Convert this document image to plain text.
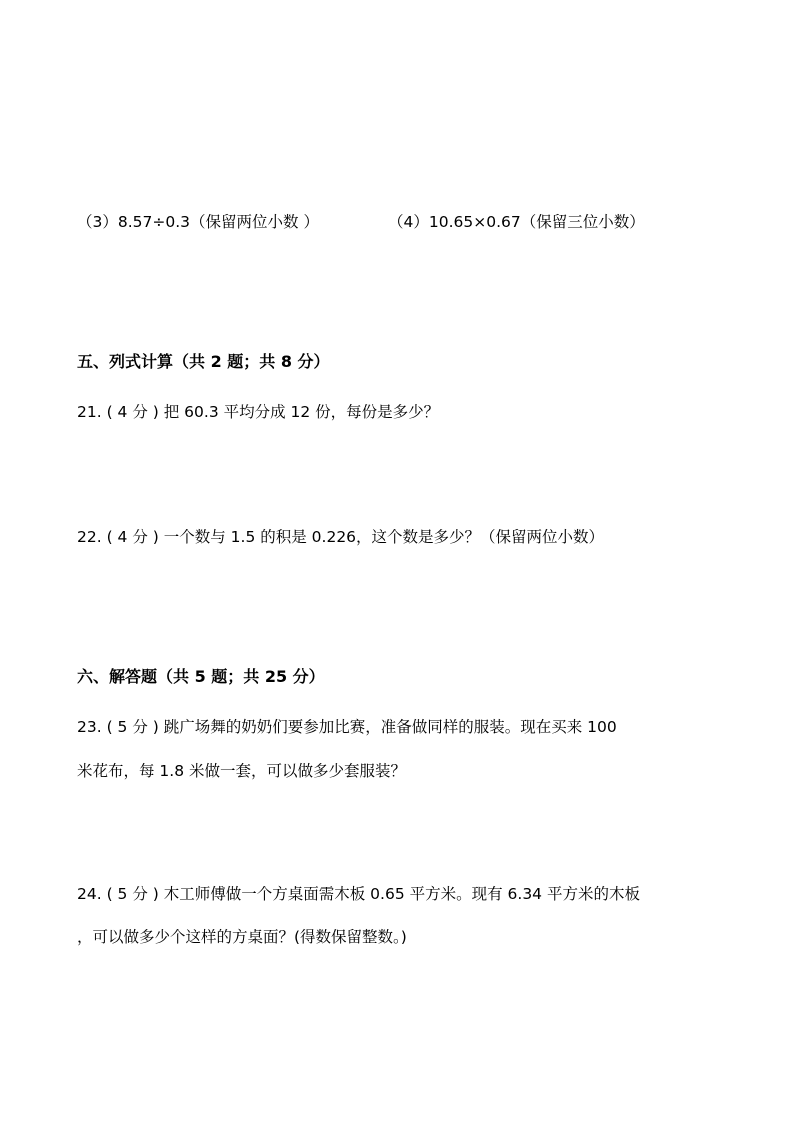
（3）8.57÷0.3（保留两位小数 ）	（4）10.65×0.67（保留三位小数）
五、列式计算（共 2 题；共 8 分）
21. ( 4 分 ) 把 60.3 平均分成 12 份，每份是多少？
22. ( 4 分 ) 一个数与 1.5 的积是 0.226，这个数是多少？（保留两位小数）
六、解答题（共 5 题；共 25 分）
23. ( 5 分 ) 跳广场舞的奶奶们要参加比赛，准备做同样的服装。现在买来 100
米花布，每 1.8 米做一套，可以做多少套服装？
24. ( 5 分 ) 木工师傅做一个方桌面需木板 0.65 平方米。现有 6.34 平方米的木板
，可以做多少个这样的方桌面？(得数保留整数。)
